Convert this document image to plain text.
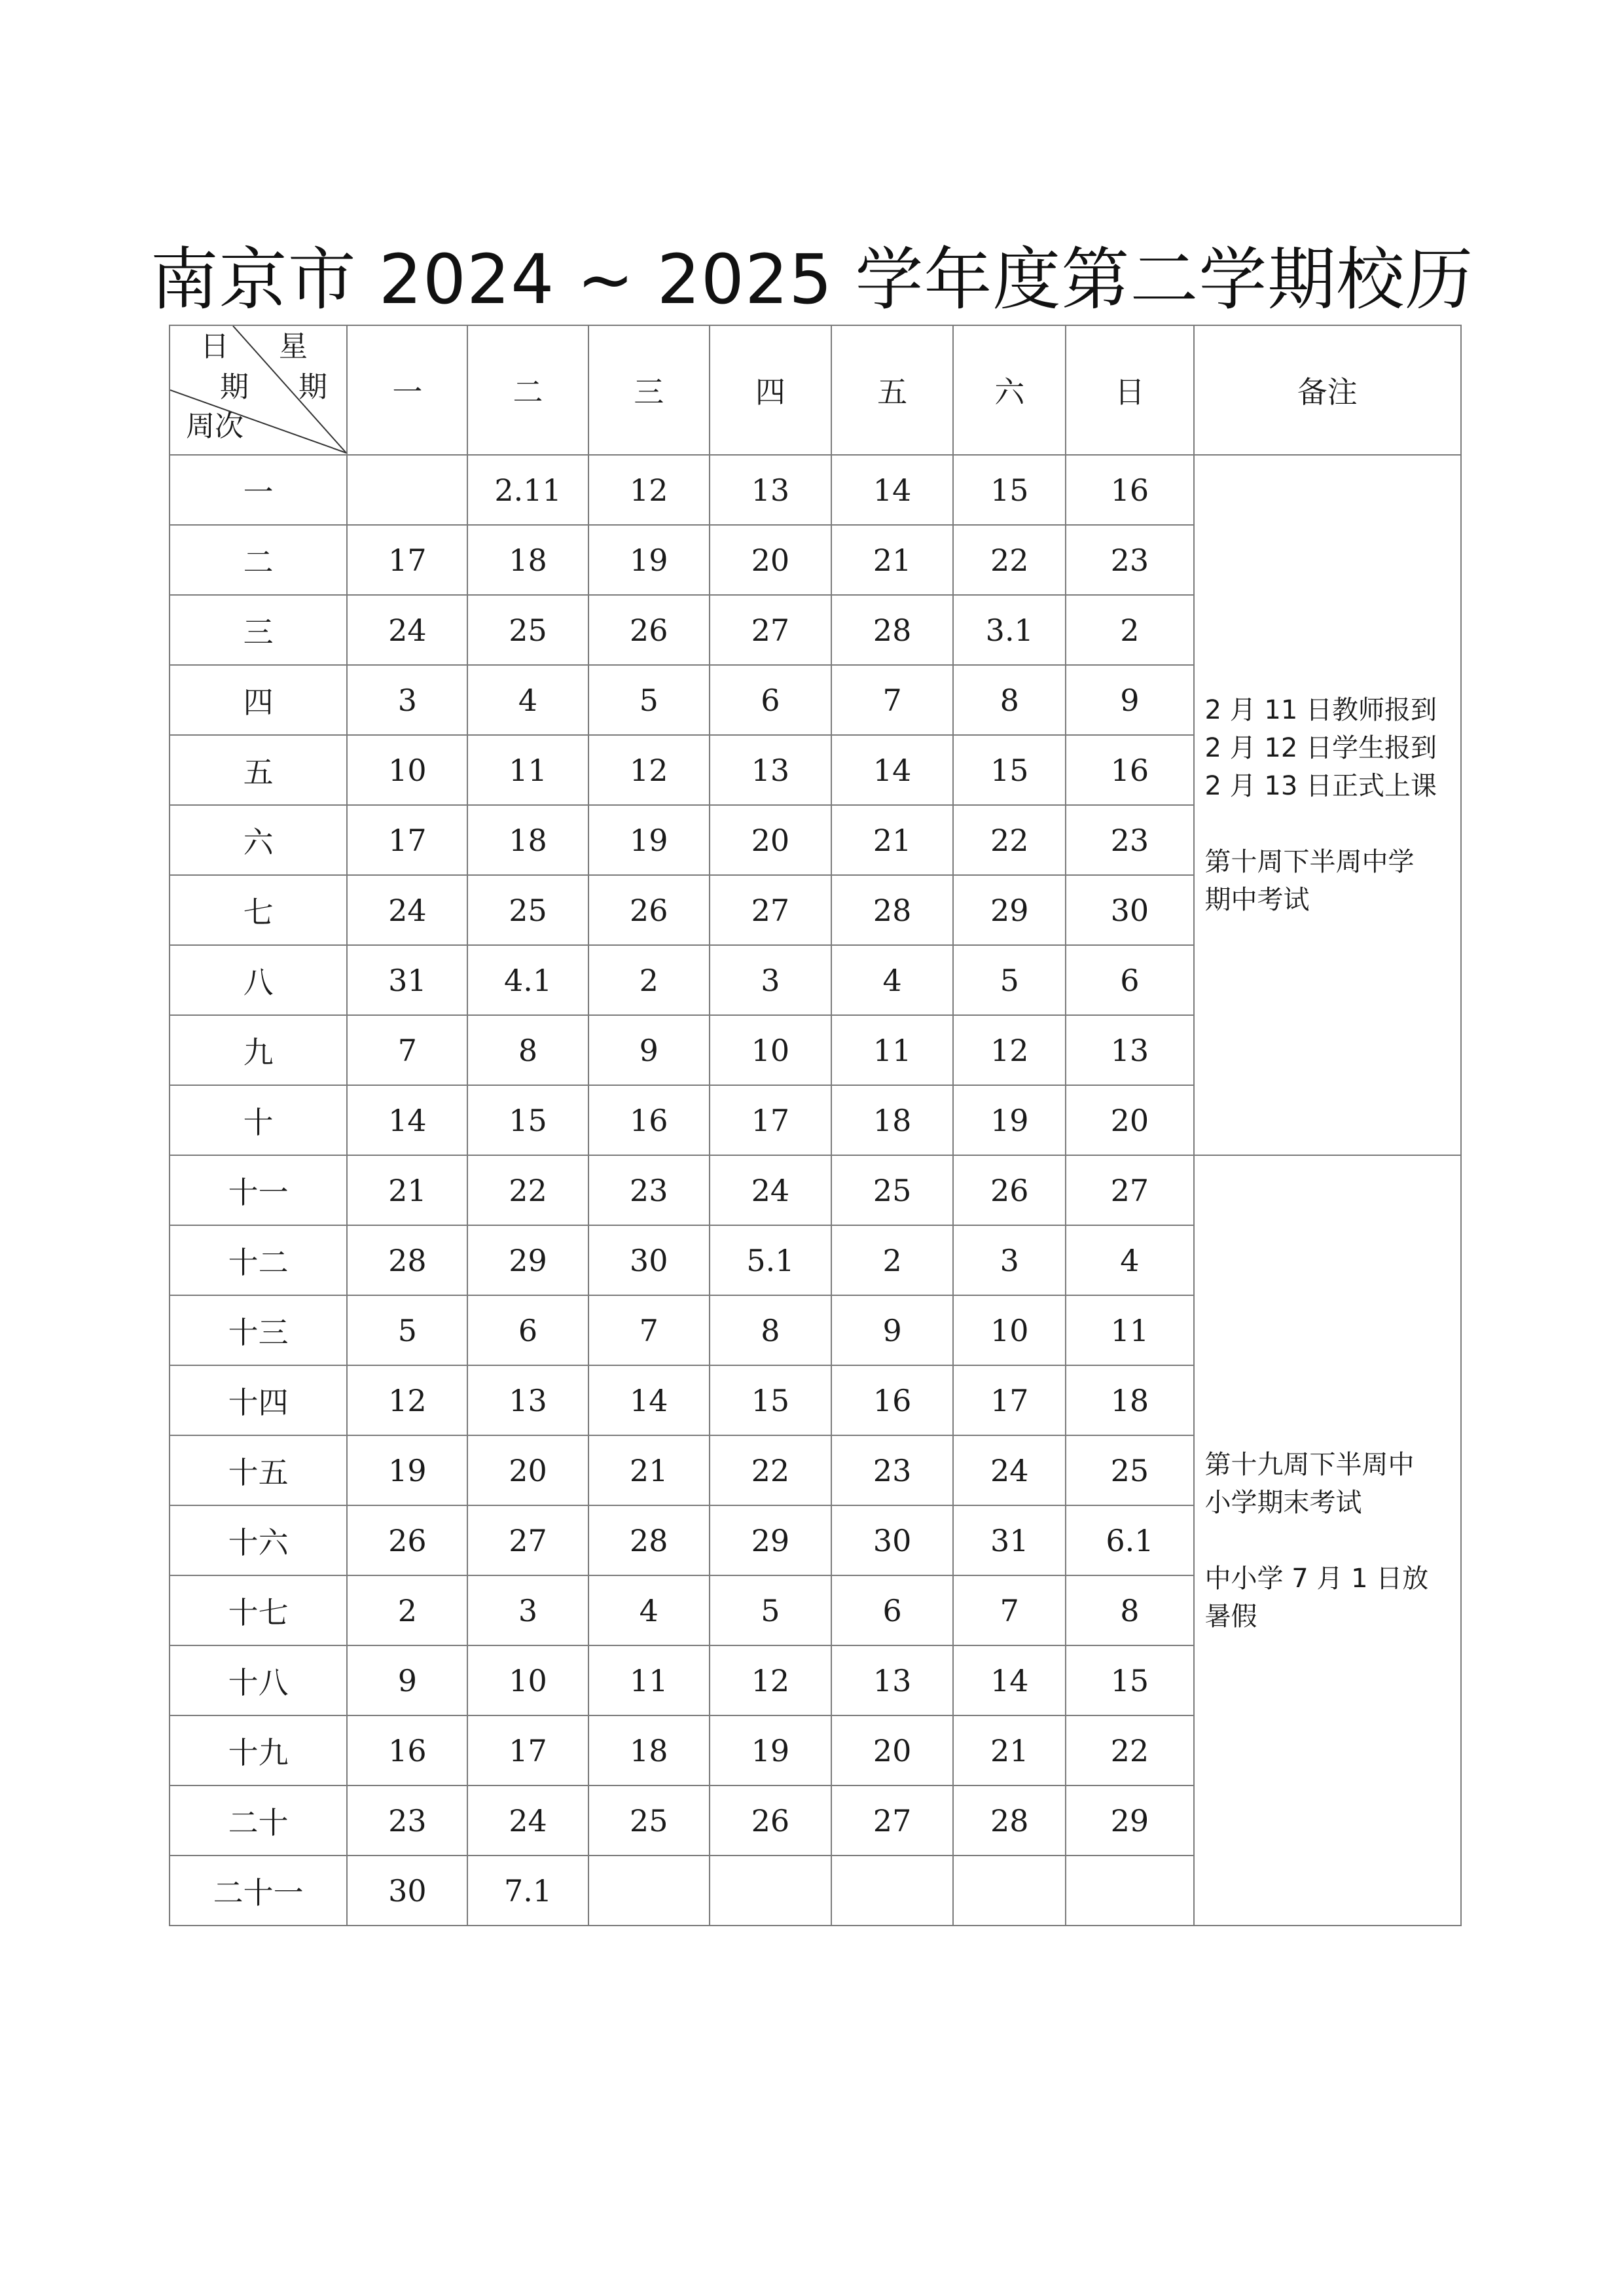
南京市 2024 ~ 2025 学年度第二学期校历
日 星
期 期
周次	一	二	三	四	五	六	日	备注
一		2.11	12	13	14	15	16	2 月 11 日教师报到

2 月 12 日学生报到

2 月 13 日正式上课

第十周下半周中学

期中考试

二	17	18	19	20	21	22	23	
三	24	25	26	27	28	3.1	2	
四	3	4	5	6	7	8	9	
五	10	11	12	13	14	15	16	
六	17	18	19	20	21	22	23	
七	24	25	26	27	28	29	30	
八	31	4.1	2	3	4	5	6	
九	7	8	9	10	11	12	13	
十	14	15	16	17	18	19	20	
十一	21	22	23	24	25	26	27	第十九周下半周中

小学期末考试

中小学 7 月 1 日放

暑假

十二	28	29	30	5.1	2	3	4	
十三	5	6	7	8	9	10	11	
十四	12	13	14	15	16	17	18	
十五	19	20	21	22	23	24	25	
十六	26	27	28	29	30	31	6.1	
十七	2	3	4	5	6	7	8	
十八	9	10	11	12	13	14	15	
十九	16	17	18	19	20	21	22	
二十	23	24	25	26	27	28	29	
二十一	30	7.1						
